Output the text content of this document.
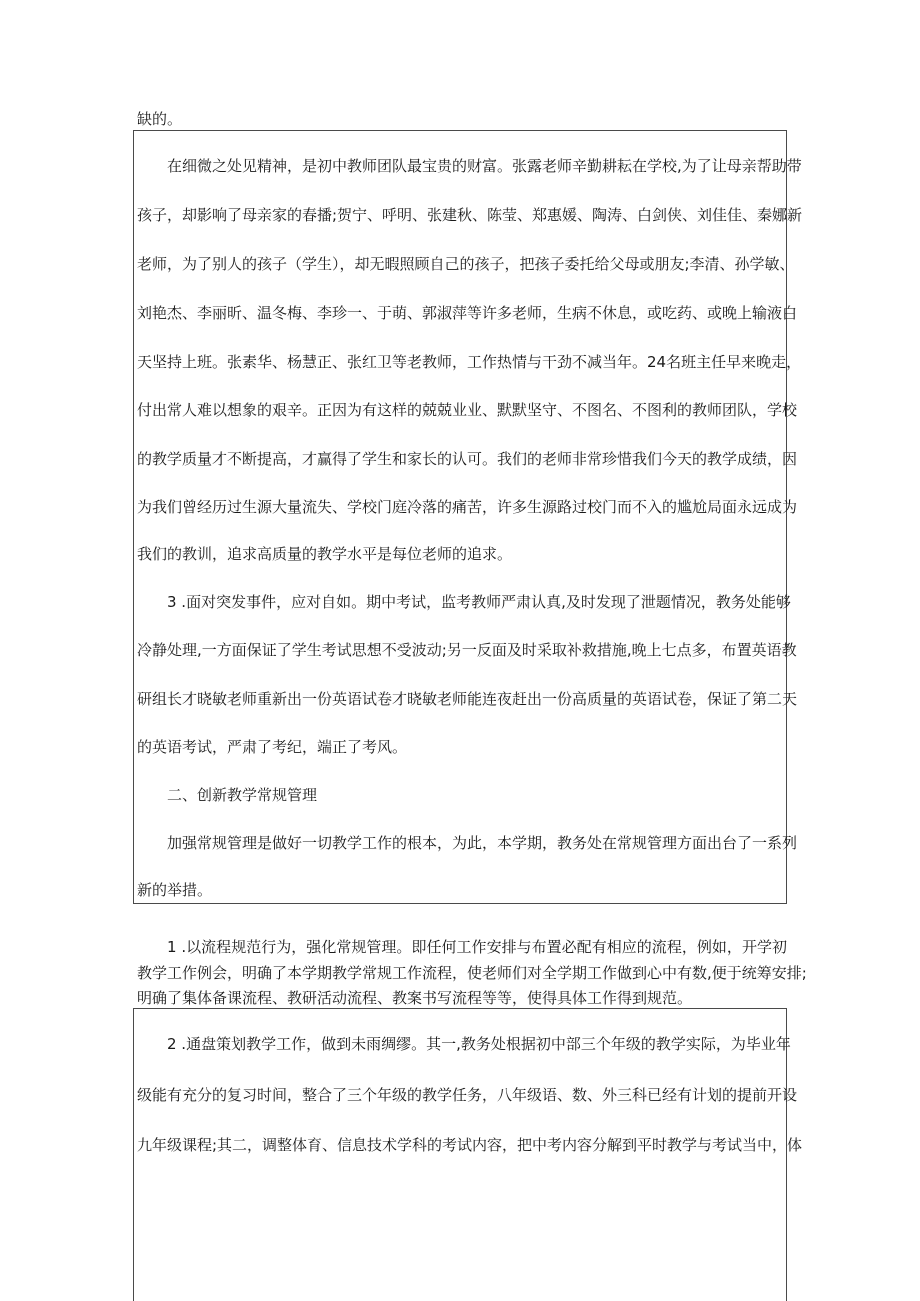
缺的。
在细微之处见精神，是初中教师团队最宝贵的财富。张露老师辛勤耕耘在学校,为了让母亲帮助带
孩子，却影响了母亲家的春播;贺宁、呼明、张建秋、陈莹、郑惠媛、陶涛、白剑侠、刘佳佳、秦娜新
老师，为了别人的孩子（学生），却无暇照顾自己的孩子，把孩子委托给父母或朋友;李清、孙学敏、
刘艳杰、李丽昕、温冬梅、李珍一、于萌、郭淑萍等许多老师，生病不休息，或吃药、或晚上输液白
天坚持上班。张素华、杨慧正、张红卫等老教师，工作热情与干劲不减当年。24名班主任早来晚走，
付出常人难以想象的艰辛。正因为有这样的兢兢业业、默默坚守、不图名、不图利的教师团队，学校
的教学质量才不断提高，才赢得了学生和家长的认可。我们的老师非常珍惜我们今天的教学成绩，因
为我们曾经历过生源大量流失、学校门庭冷落的痛苦，许多生源路过校门而不入的尴尬局面永远成为
我们的教训，追求高质量的教学水平是每位老师的追求。
3 .面对突发事件，应对自如。期中考试，监考教师严肃认真,及时发现了泄题情况，教务处能够
冷静处理,一方面保证了学生考试思想不受波动;另一反面及时采取补救措施,晚上七点多，布置英语教
研组长才晓敏老师重新出一份英语试卷才晓敏老师能连夜赶出一份高质量的英语试卷，保证了第二天
的英语考试，严肃了考纪，端正了考风。
二、创新教学常规管理
加强常规管理是做好一切教学工作的根本，为此，本学期，教务处在常规管理方面出台了一系列
新的举措。
1 .以流程规范行为，强化常规管理。即任何工作安排与布置必配有相应的流程，例如，开学初
教学工作例会，明确了本学期教学常规工作流程，使老师们对全学期工作做到心中有数,便于统筹安排;
明确了集体备课流程、教研活动流程、教案书写流程等等，使得具体工作得到规范。
2 .通盘策划教学工作，做到未雨绸缪。其一,教务处根据初中部三个年级的教学实际，为毕业年
级能有充分的复习时间，整合了三个年级的教学任务，八年级语、数、外三科已经有计划的提前开设
九年级课程;其二，调整体育、信息技术学科的考试内容，把中考内容分解到平时教学与考试当中，体
